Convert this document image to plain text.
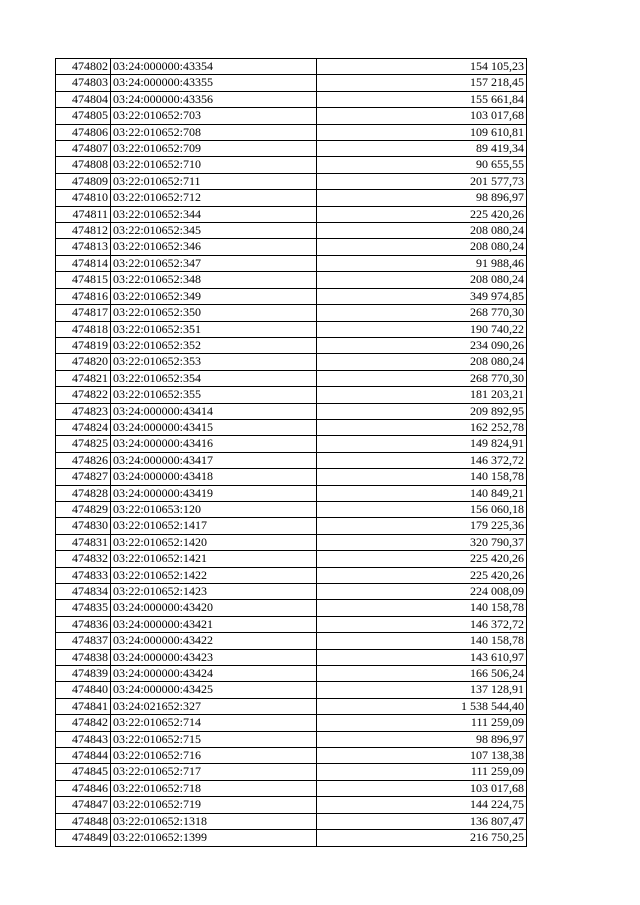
474802	03:24:000000:43354	154 105,23
474803	03:24:000000:43355	157 218,45
474804	03:24:000000:43356	155 661,84
474805	03:22:010652:703	103 017,68
474806	03:22:010652:708	109 610,81
474807	03:22:010652:709	89 419,34
474808	03:22:010652:710	90 655,55
474809	03:22:010652:711	201 577,73
474810	03:22:010652:712	98 896,97
474811	03:22:010652:344	225 420,26
474812	03:22:010652:345	208 080,24
474813	03:22:010652:346	208 080,24
474814	03:22:010652:347	91 988,46
474815	03:22:010652:348	208 080,24
474816	03:22:010652:349	349 974,85
474817	03:22:010652:350	268 770,30
474818	03:22:010652:351	190 740,22
474819	03:22:010652:352	234 090,26
474820	03:22:010652:353	208 080,24
474821	03:22:010652:354	268 770,30
474822	03:22:010652:355	181 203,21
474823	03:24:000000:43414	209 892,95
474824	03:24:000000:43415	162 252,78
474825	03:24:000000:43416	149 824,91
474826	03:24:000000:43417	146 372,72
474827	03:24:000000:43418	140 158,78
474828	03:24:000000:43419	140 849,21
474829	03:22:010653:120	156 060,18
474830	03:22:010652:1417	179 225,36
474831	03:22:010652:1420	320 790,37
474832	03:22:010652:1421	225 420,26
474833	03:22:010652:1422	225 420,26
474834	03:22:010652:1423	224 008,09
474835	03:24:000000:43420	140 158,78
474836	03:24:000000:43421	146 372,72
474837	03:24:000000:43422	140 158,78
474838	03:24:000000:43423	143 610,97
474839	03:24:000000:43424	166 506,24
474840	03:24:000000:43425	137 128,91
474841	03:24:021652:327	1 538 544,40
474842	03:22:010652:714	111 259,09
474843	03:22:010652:715	98 896,97
474844	03:22:010652:716	107 138,38
474845	03:22:010652:717	111 259,09
474846	03:22:010652:718	103 017,68
474847	03:22:010652:719	144 224,75
474848	03:22:010652:1318	136 807,47
474849	03:22:010652:1399	216 750,25
